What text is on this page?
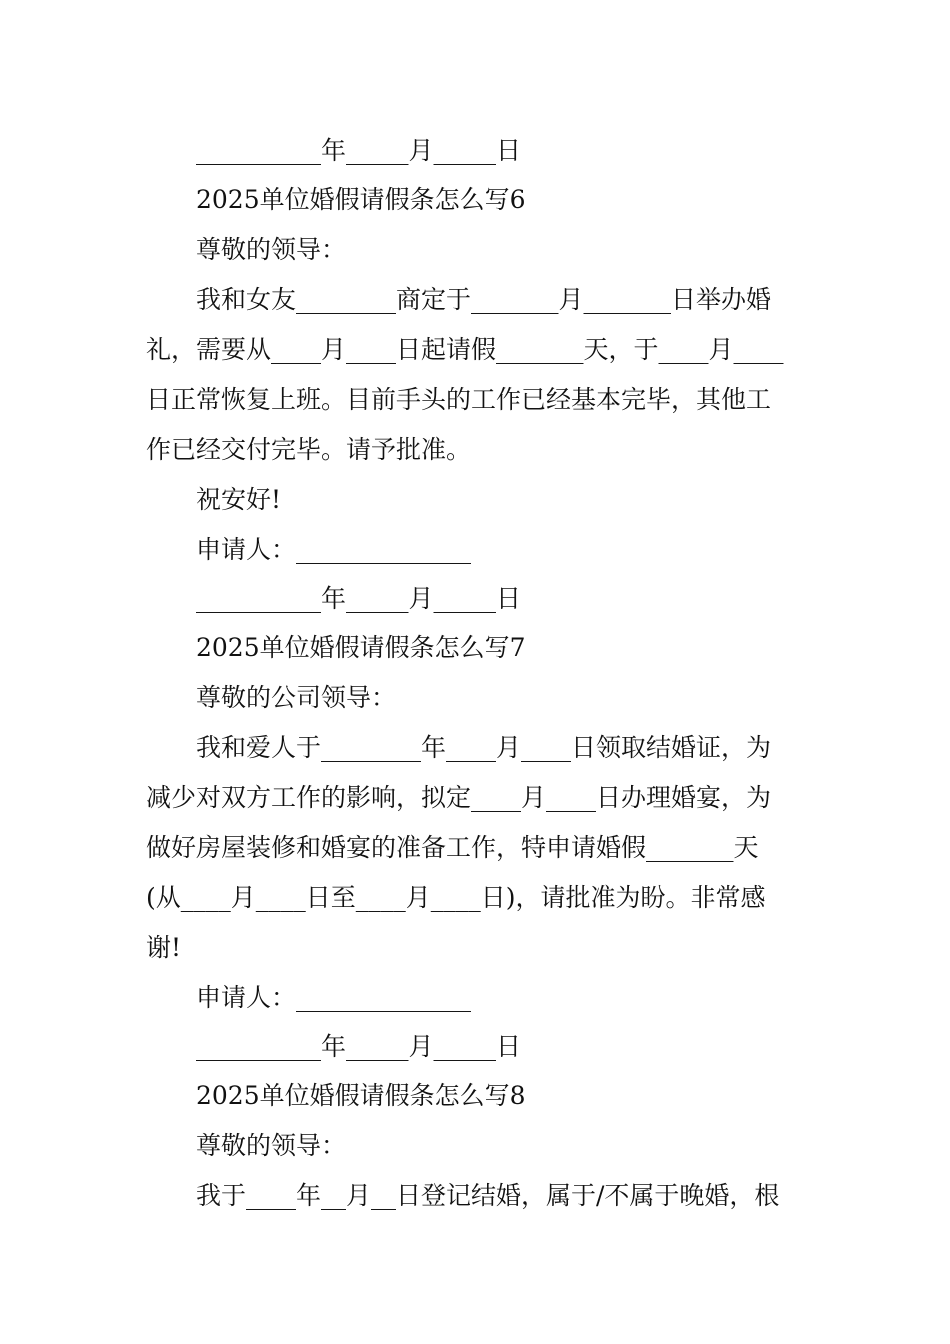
__________年_____月_____日
2025单位婚假请假条怎么写6
尊敬的领导：
我和女友________商定于_______月_______日举办婚
礼，需要从____月____日起请假_______天，于____月____
日正常恢复上班。目前手头的工作已经基本完毕，其他工
作已经交付完毕。请予批准。
祝安好!
申请人：______________
__________年_____月_____日
2025单位婚假请假条怎么写7
尊敬的公司领导：
我和爱人于________年____月____日领取结婚证，为
减少对双方工作的影响，拟定____月____日办理婚宴，为
做好房屋装修和婚宴的准备工作，特申请婚假_______天
(从____月____日至____月____日)，请批准为盼。非常感
谢!
申请人：______________
__________年_____月_____日
2025单位婚假请假条怎么写8
尊敬的领导：
我于____年__月__日登记结婚，属于/不属于晚婚，根
